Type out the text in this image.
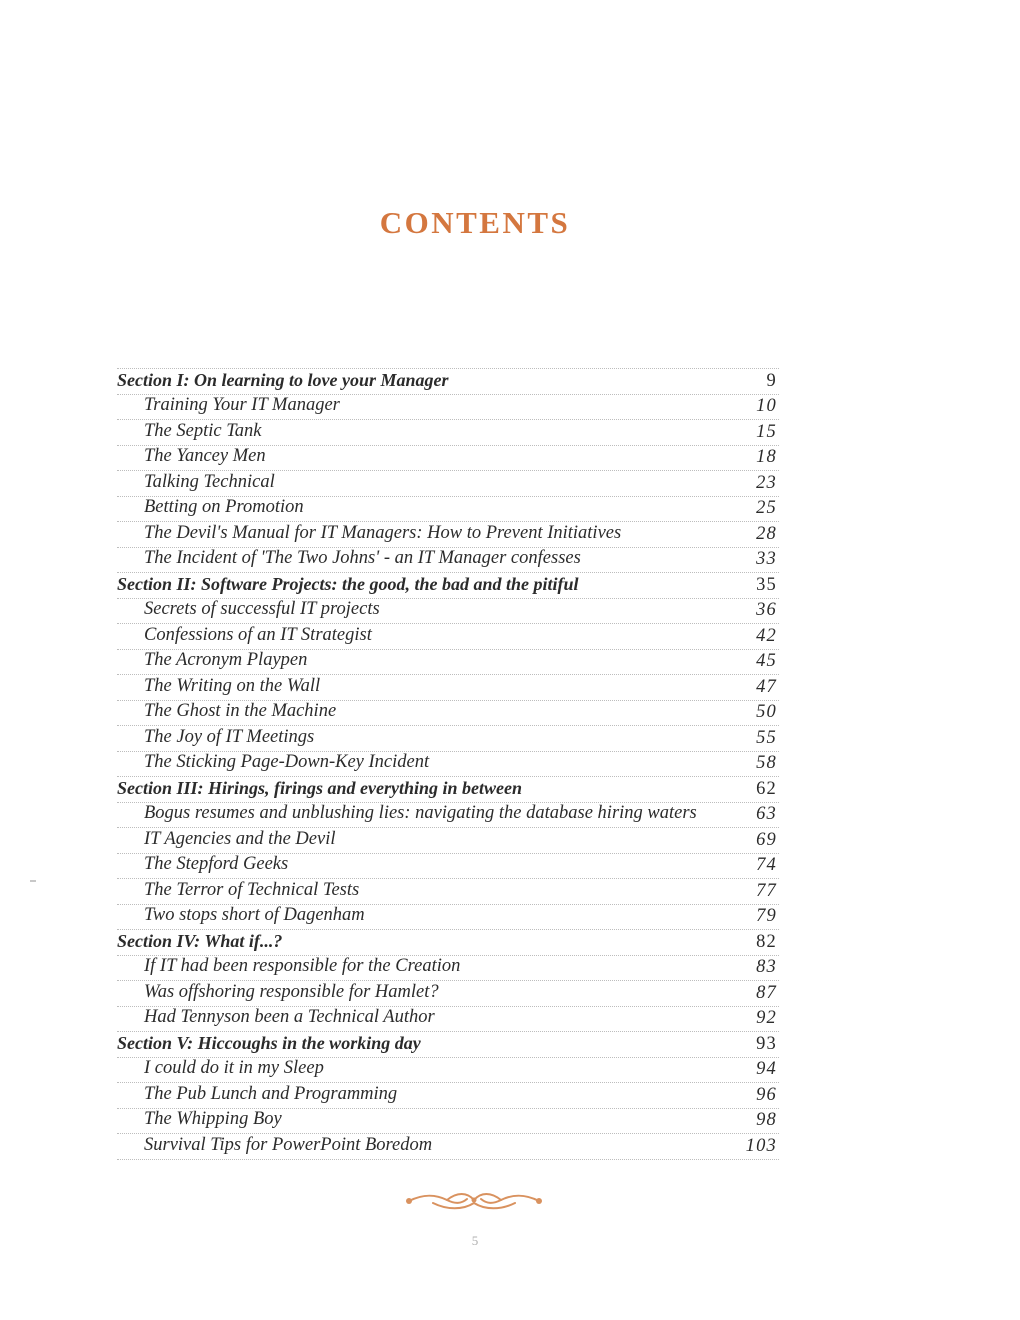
CONTENTS
Section I: On learning to love your Manager	9
Training Your IT Manager	10
The Septic Tank	15
The Yancey Men	18
Talking Technical	23
Betting on Promotion	25
The Devil's Manual for IT Managers: How to Prevent Initiatives	28
The Incident of 'The Two Johns' - an IT Manager confesses	33
Section II: Software Projects: the good, the bad and the pitiful	35
Secrets of successful IT projects	36
Confessions of an IT Strategist	42
The Acronym Playpen	45
The Writing on the Wall	47
The Ghost in the Machine	50
The Joy of IT Meetings	55
The Sticking Page-Down-Key Incident	58
Section III: Hirings, firings and everything in between	62
Bogus resumes and unblushing lies: navigating the database hiring waters	63
IT Agencies and the Devil	69
The Stepford Geeks	74
The Terror of Technical Tests	77
Two stops short of Dagenham	79
Section IV: What if...?	82
If IT had been responsible for the Creation	83
Was offshoring responsible for Hamlet?	87
Had Tennyson been a Technical Author	92
Section V: Hiccoughs in the working day	93
I could do it in my Sleep	94
The Pub Lunch and Programming	96
The Whipping Boy	98
Survival Tips for PowerPoint Boredom	103
5
